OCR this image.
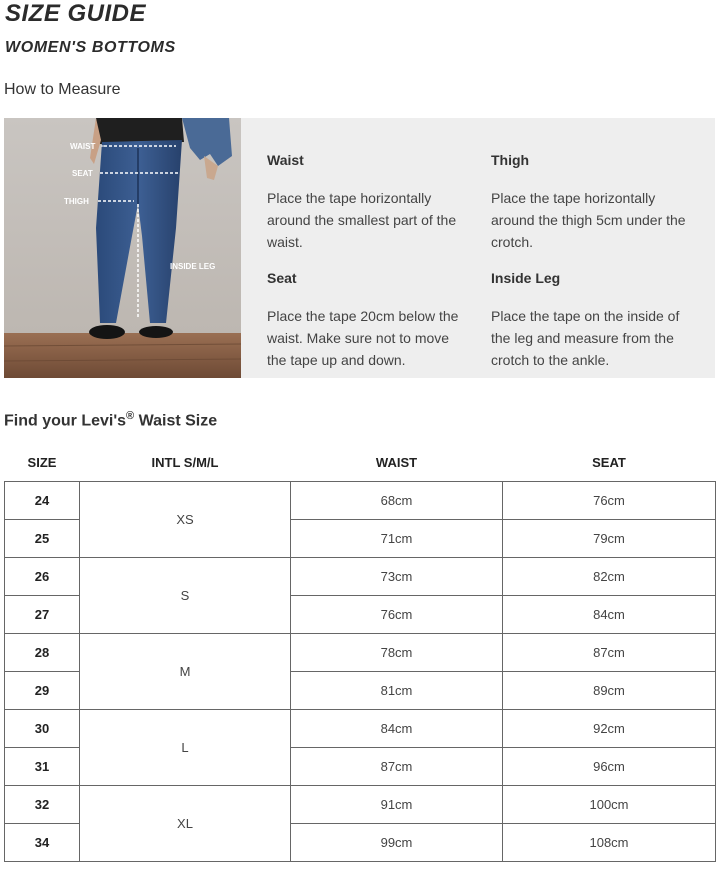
SIZE GUIDE
WOMEN'S BOTTOMS
How to Measure
WAIST
SEAT
THIGH
INSIDE LEG
Waist
Place the tape horizontally around the smallest part of the waist.
Thigh
Place the tape horizontally around the thigh 5cm under the crotch.
Seat
Place the tape 20cm below the waist. Make sure not to move the tape up and down.
Inside Leg
Place the tape on the inside of the leg and measure from the crotch to the ankle.
Find your Levi's® Waist Size
SIZE	INTL S/M/L	WAIST	SEAT
24	XS	68cm	76cm
25		71cm	79cm
26	S	73cm	82cm
27		76cm	84cm
28	M	78cm	87cm
29		81cm	89cm
30	L	84cm	92cm
31		87cm	96cm
32	XL	91cm	100cm
34		99cm	108cm
